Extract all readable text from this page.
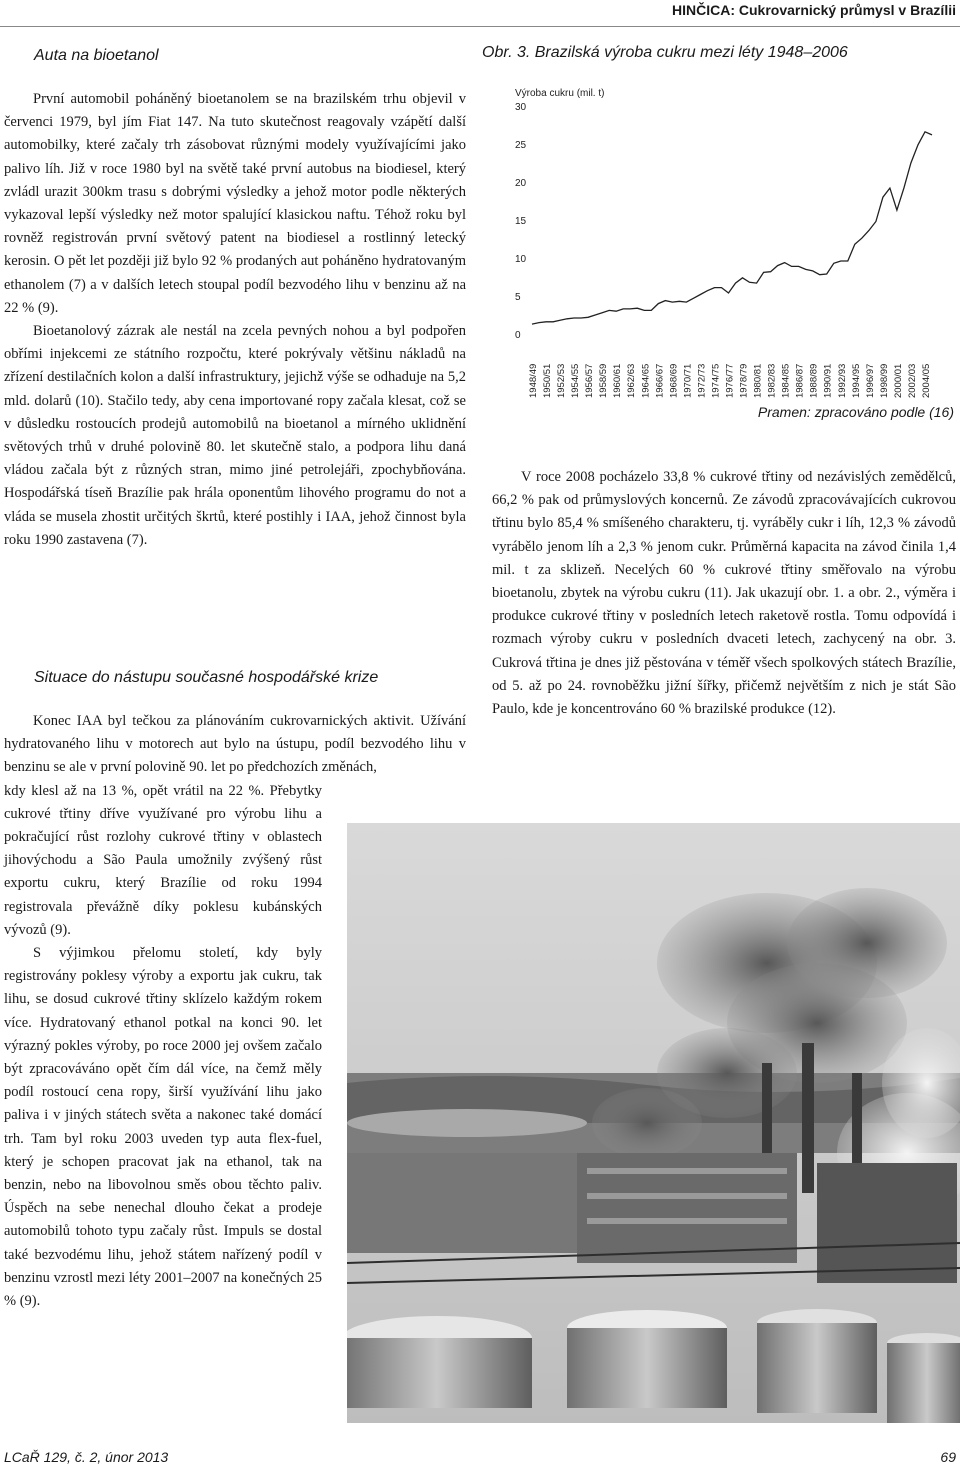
HINČICA: Cukrovarnický průmysl v Brazílii
Auta na bioetanol

První automobil poháněný bioetanolem se na brazilském trhu objevil v červenci 1979, byl jím Fiat 147. Na tuto skutečnost reagovaly vzápětí další automobilky, které začaly trh zásobovat různými modely využívajícími jako palivo líh. Již v roce 1980 byl na světě také první autobus na biodiesel, který zvládl urazit 300km trasu s dobrými výsledky a jehož motor podle některých vykazoval lepší výsledky než motor spalující klasickou naftu. Téhož roku byl rovněž registrován první světový patent na biodiesel a rostlinný letecký kerosin. O pět let později již bylo 92 % prodaných aut poháněno hydratovaným ethanolem (7) a v dalších letech stoupal podíl bezvodého lihu v benzinu až na 22 % (9).

Bioetanolový zázrak ale nestál na zcela pevných nohou a byl podpořen obřími injekcemi ze státního rozpočtu, které pokrývaly většinu nákladů na zřízení destilačních kolon a další infrastruktury, jejichž výše se odhaduje na 5,2 mld. dolarů (10). Stačilo tedy, aby cena importované ropy začala klesat, což se v důsledku rostoucích prodejů automobilů na bioetanol a mírného uklidnění světových trhů v druhé polovině 80. let skutečně stalo, a podpora lihu daná vládou začala být z různých stran, mimo jiné petrolejáři, zpochybňována. Hospodářská tíseň Brazílie pak hrála oponentům lihového programu do not a vláda se musela zhostit určitých škrtů, které postihly i IAA, jehož činnost byla roku 1990 zastavena (7).

Situace do nástupu současné hospodářské krize

Konec IAA byl tečkou za plánováním cukrovarnických aktivit. Užívání hydratovaného lihu v motorech aut bylo na ústupu, podíl bezvodého lihu v benzinu se ale v první polovině 90. let po předchozích změnách,

kdy klesl až na 13 %, opět vrátil na 22 %. Přebytky cukrové třtiny dříve využívané pro výrobu lihu a pokračující růst rozlohy cukrové třtiny v oblastech jihovýchodu a São Paula umožnily zvýšený růst exportu cukru, který Brazílie od roku 1994 registrovala převážně díky poklesu kubánských vývozů (9).

S výjimkou přelomu století, kdy byly registrovány poklesy výroby a exportu jak cukru, tak lihu, se dosud cukrové třtiny sklízelo každým rokem více. Hydratovaný ethanol potkal na konci 90. let výrazný pokles výroby, po roce 2000 jej ovšem začalo být zpracováváno opět čím dál více, na čemž měly podíl rostoucí cena ropy, širší využívání lihu jako paliva i v jiných státech světa a nakonec také domácí trh. Tam byl roku 2003 uveden typ auta flex-fuel, který je schopen pracovat jak na ethanol, tak na benzin, nebo na libovolnou směs obou těchto paliv. Úspěch na sebe nenechal dlouho čekat a prodeje automobilů tohoto typu začaly růst. Impuls se dostal také bezvodému lihu, jehož státem nařízený podíl v benzinu vzrostl mezi léty 2001–2007 na konečných 25 % (9).

Obr. 3. Brazilská výroba cukru mezi léty 1948–2006
Výroba cukru (mil. t)
0
5
10
15
20
25
30
1948/49 1950/51 1952/53 1954/55 1956/57 1958/59 1960/61 1962/63 1964/65 1966/67 1968/69 1970/71 1972/73 1974/75 1976/77 1978/79 1980/81 1982/83 1984/85 1986/87 1988/89 1990/91 1992/93 1994/95 1996/97 1998/99 2000/01 2002/03 2004/05

Pramen: zpracováno podle (16)

V roce 2008 pocházelo 33,8 % cukrové třtiny od nezávislých zemědělců, 66,2 % pak od průmyslových koncernů. Ze závodů zpracovávajících cukrovou třtinu bylo 85,4 % smíšeného charakteru, tj. vyráběly cukr i líh, 12,3 % závodů vyrábělo jenom líh a 2,3 % jenom cukr. Průměrná kapacita na závod činila 1,4 mil. t za sklizeň. Necelých 60 % cukrové třtiny směřovalo na výrobu bioetanolu, zbytek na výrobu cukru (11). Jak ukazují obr. 1. a obr. 2., výměra i produkce cukrové třtiny v posledních letech raketově rostla. Tomu odpovídá i rozmach výroby cukru v posledních dvaceti letech, zachycený na obr. 3. Cukrová třtina je dnes již pěstována v téměř všech spolkových státech Brazílie, od 5. až po 24. rovnoběžku jižní šířky, přičemž největším z nich je stát São Paulo, kde je koncentrováno 60 % brazilské produkce (12).

LCaŘ 129, č. 2, únor 2013	69
